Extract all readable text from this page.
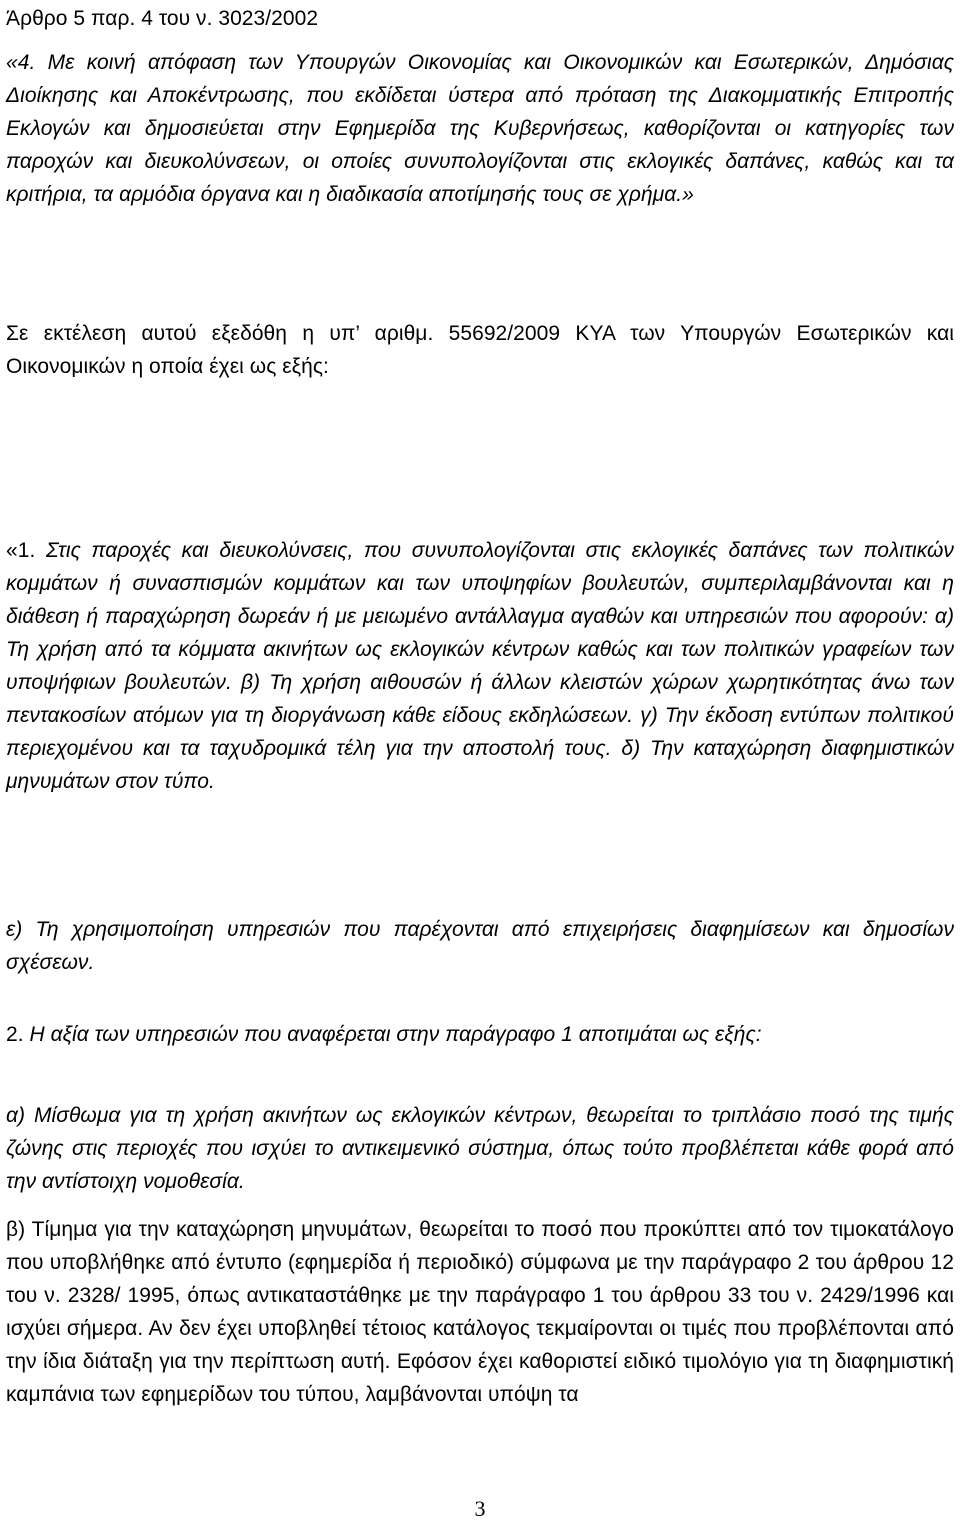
Άρθρο 5 παρ. 4 του ν. 3023/2002
«4. Με κοινή απόφαση των Υπουργών Οικονομίας και Οικονομικών και Εσωτερικών, Δημόσιας Διοίκησης και Αποκέντρωσης, που εκδίδεται ύστερα από πρόταση της Διακομματικής Επιτροπής Εκλογών και δημοσιεύεται στην Εφημερίδα της Κυβερνήσεως, καθορίζονται οι κατηγορίες των παροχών και διευκολύνσεων, οι οποίες συνυπολογίζονται στις εκλογικές δαπάνες, καθώς και τα κριτήρια, τα αρμόδια όργανα και η διαδικασία αποτίμησής τους σε χρήμα.»
Σε εκτέλεση αυτού εξεδόθη η υπ’ αριθμ. 55692/2009 ΚΥΑ των Υπουργών Εσωτερικών και Οικονομικών η οποία έχει ως εξής:
«1. Στις παροχές και διευκολύνσεις, που συνυπολογίζονται στις εκλογικές δαπάνες των πολιτικών κομμάτων ή συνασπισμών κομμάτων και των υποψηφίων βουλευτών, συμπεριλαμβάνονται και η διάθεση ή παραχώρηση δωρεάν ή με μειωμένο αντάλλαγμα αγαθών και υπηρεσιών που αφορούν: α) Τη χρήση από τα κόμματα ακινήτων ως εκλογικών κέντρων καθώς και των πολιτικών γραφείων των υποψήφιων βουλευτών. β) Τη χρήση αιθουσών ή άλλων κλειστών χώρων χωρητικότητας άνω των πεντακοσίων ατόμων για τη διοργάνωση κάθε είδους εκδηλώσεων. γ) Την έκδοση εντύπων πολιτικού περιεχομένου και τα ταχυδρομικά τέλη για την αποστολή τους. δ) Την καταχώρηση διαφημιστικών μηνυμάτων στον τύπο.
ε) Τη χρησιμοποίηση υπηρεσιών που παρέχονται από επιχειρήσεις διαφημίσεων και δημοσίων σχέσεων.
2. Η αξία των υπηρεσιών που αναφέρεται στην παράγραφο 1 αποτιμάται ως εξής:
α) Μίσθωμα για τη χρήση ακινήτων ως εκλογικών κέντρων, θεωρείται το τριπλάσιο ποσό της τιμής ζώνης στις περιοχές που ισχύει το αντικειμενικό σύστημα, όπως τούτο προβλέπεται κάθε φορά από την αντίστοιχη νομοθεσία.
β) Τίμημα για την καταχώρηση μηνυμάτων, θεωρείται το ποσό που προκύπτει από τον τιμοκατάλογο που υποβλήθηκε από έντυπο (εφημερίδα ή περιοδικό) σύμφωνα με την παράγραφο 2 του άρθρου 12 του ν. 2328/ 1995, όπως αντικαταστάθηκε με την παράγραφο 1 του άρθρου 33 του ν. 2429/1996 και ισχύει σήμερα. Αν δεν έχει υποβληθεί τέτοιος κατάλογος τεκμαίρονται οι τιμές που προβλέπονται από την ίδια διάταξη για την περίπτωση αυτή. Εφόσον έχει καθοριστεί ειδικό τιμολόγιο για τη διαφημιστική καμπάνια των εφημερίδων του τύπου, λαμβάνονται υπόψη τα
3
